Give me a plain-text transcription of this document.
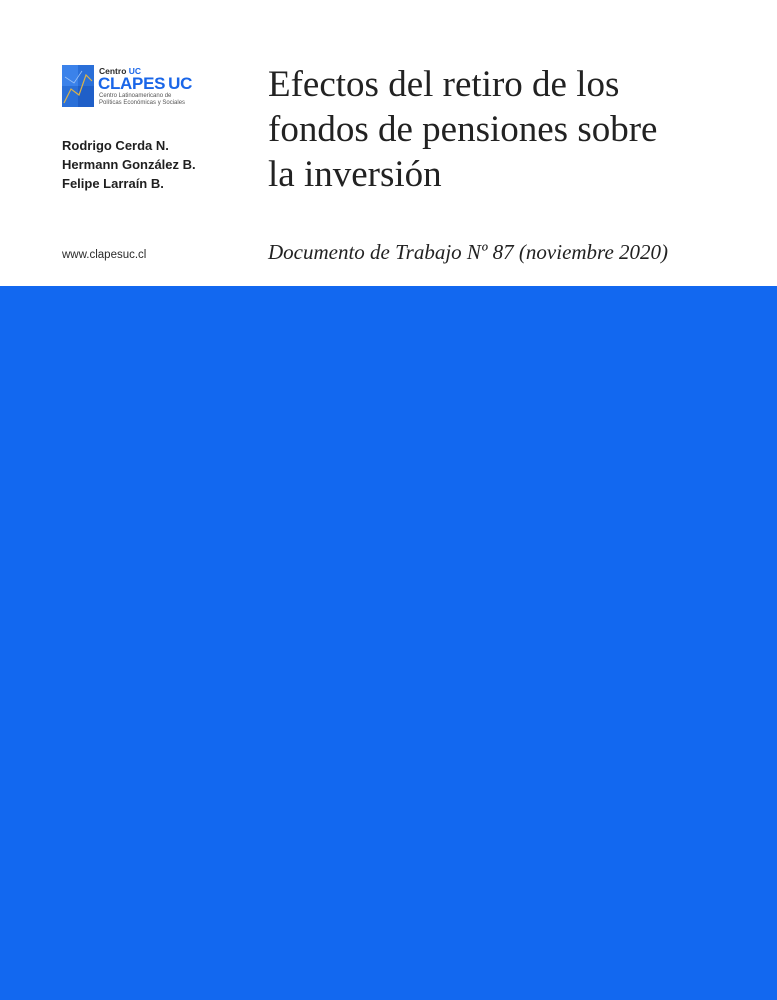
Centro UC
CLAPES UC
Centro Latinoamericano de
Políticas Económicas y Sociales
Rodrigo Cerda N.
Hermann González B.
Felipe Larraín B.
www.clapesuc.cl
Efectos del retiro de los
fondos de pensiones sobre
la inversión
Documento de Trabajo Nº 87 (noviembre 2020)
